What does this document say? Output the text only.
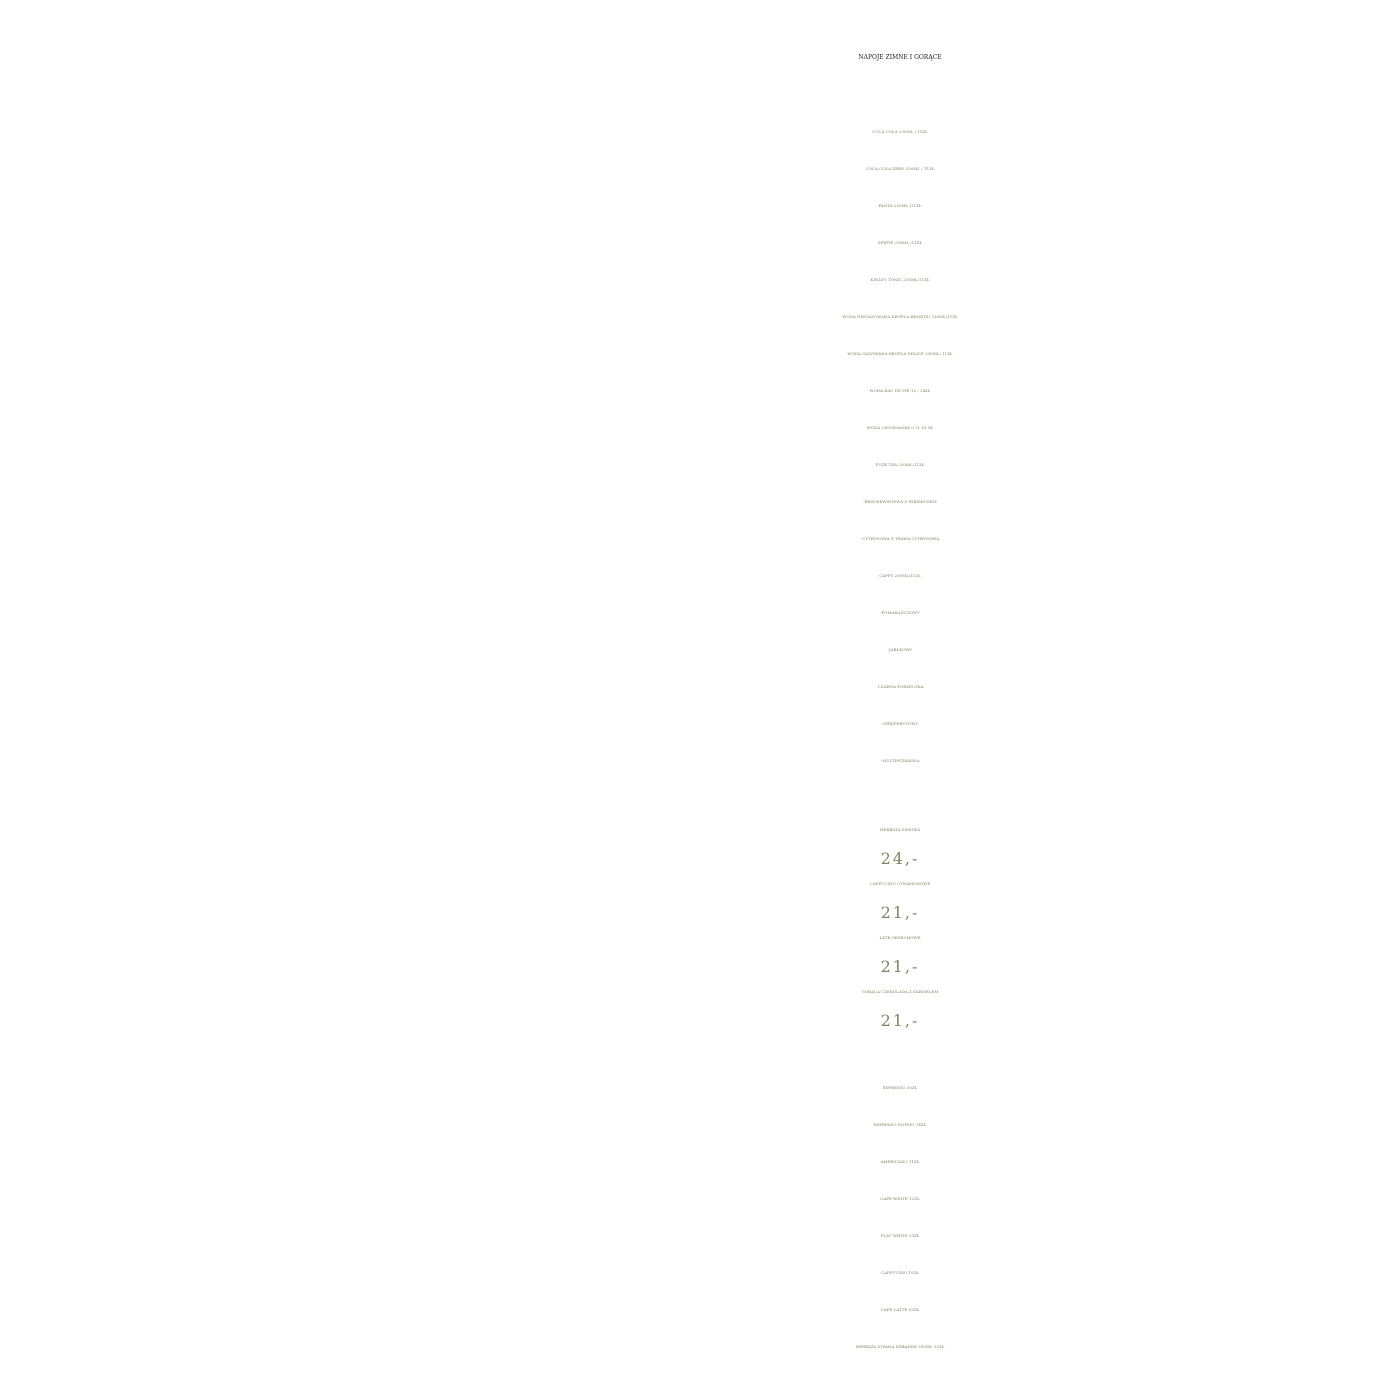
NAPOJE ZIMNE I GORĄCE
COCA COLA 250ML / 11ZŁ
COCA COLA ZERO 250ML / 11ZŁ
FANTA 250ML /11ZŁ
SPRITE 250ML /11ZŁ
KINLEY TONIC 250ML/11ZŁ
WODA NIEGAZOWANA KROPLA BESKIDU 330ML/11ZŁ
WODA GAZOWANA KROPLA DELICE 330ML/ 11ZŁ
WODA EAU DE VIE 1L / 14ZŁ
WODA CISOWIANKA 0.7L 18 ZŁ
FUZE TEA 250ML/11ZŁ
-BRZOSKWINIOWA Z HIBISKUSEM
-CYTRYNOWA Z TRAWA CYTRYNOWĄ
CAPPY 250ML/11ZŁ
-POMARAŃCZOWY
-JABŁKOWY
-CZARNA PORZECZKA
-GREJPFRUTOWY
-MULTIWITAMINA
HERBATA ZIMOWA
24,-
CAPPUCINO CYNAMONOWE
21,-
LATE ORZECHOWE
21,-
GORĄCA CZEKOLADA Z KARMELEM
21,-
ESPRESSO 10ZŁ
ESPRESSO DOPPIO 14ZŁ
AMERICANO 11ZŁ
CAFE WHITE 12ZŁ
FLAT WHITE 15ZŁ
CAPPUCINO 15ZŁ
CAFE LATTE 15ZŁ
HERBATA SYPANA DZBANEK 350ML 13ZŁ
